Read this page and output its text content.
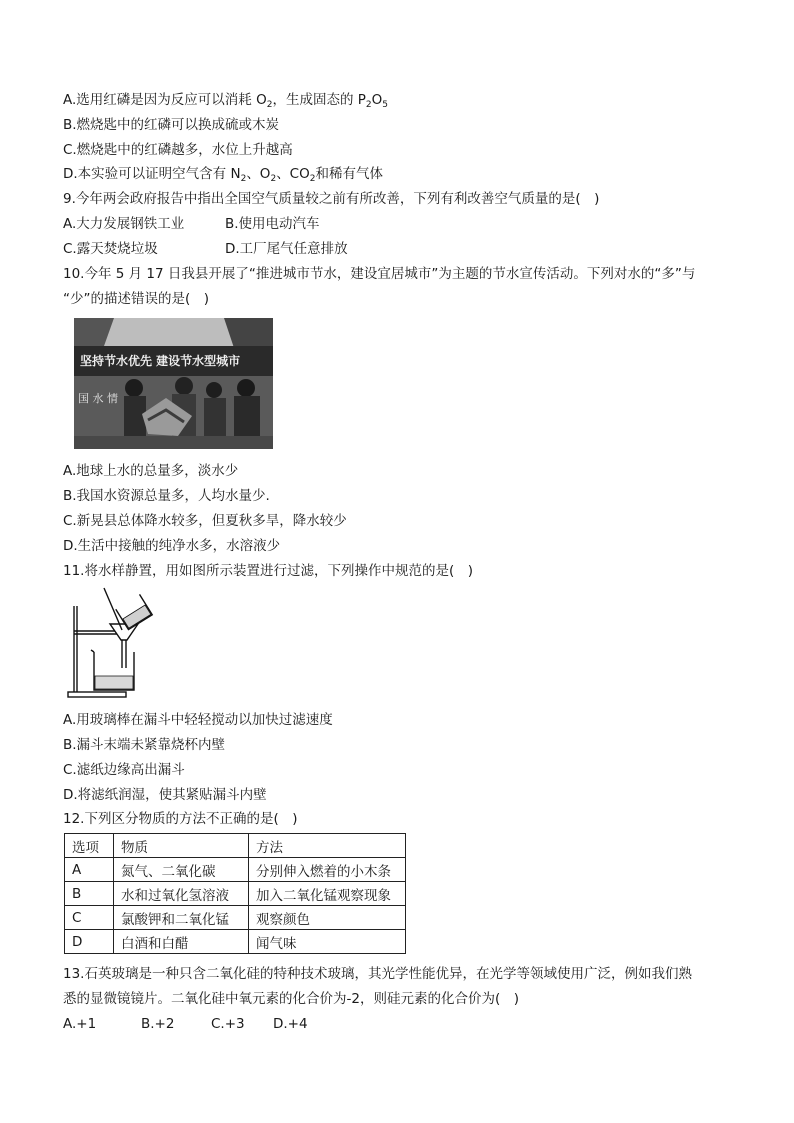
A.选用红磷是因为反应可以消耗 $O_2$，生成固态的 $P_2O_5$
B.燃烧匙中的红磷可以换成硫或木炭
C.燃烧匙中的红磷越多，水位上升越高
D.本实验可以证明空气含有 $N_2$、$O_2$、$CO_2$和稀有气体
9.今年两会政府报告中指出全国空气质量较之前有所改善，下列有利改善空气质量的是(　)
A.大力发展钢铁工业	B.使用电动汽车
C.露天焚烧垃圾	D.工厂尾气任意排放
10.今年 5 月 17 日我县开展了“推进城市节水，建设宜居城市”为主题的节水宣传活动。下列对水的“多”与
“少”的描述错误的是(　)
坚持节水优先 建设节水型城市
国 水 情
A.地球上水的总量多，淡水少
B.我国水资源总量多，人均水量少.
C.新晃县总体降水较多，但夏秋多旱，降水较少
D.生活中接触的纯净水多，水溶液少
11.将水样静置，用如图所示装置进行过滤，下列操作中规范的是(　)
A.用玻璃棒在漏斗中轻轻搅动以加快过滤速度
B.漏斗末端未紧靠烧杯内壁
C.滤纸边缘高出漏斗
D.将滤纸润湿，使其紧贴漏斗内壁
12.下列区分物质的方法不正确的是(　)
选项	物质	方法
A	氮气、二氧化碳	分别伸入燃着的小木条
B	水和过氧化氢溶液	加入二氧化锰观察现象
C	氯酸钾和二氧化锰	观察颜色
D	白酒和白醋	闻气味
13.石英玻璃是一种只含二氧化硅的特种技术玻璃，其光学性能优异，在光学等领域使用广泛，例如我们熟
悉的显微镜镜片。二氧化硅中氧元素的化合价为-2，则硅元素的化合价为(　)
A.+1	B.+2	C.+3 D.+4
